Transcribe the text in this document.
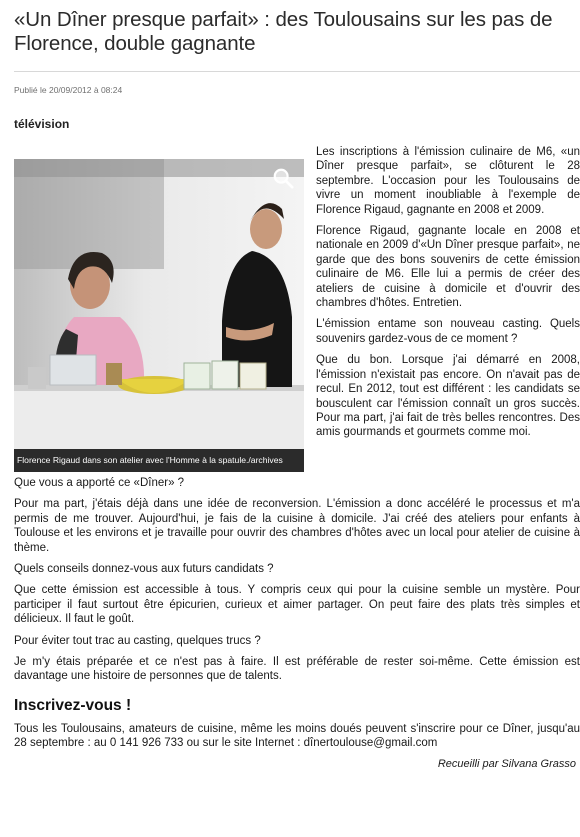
«Un Dîner presque parfait» : des Toulousains sur les pas de Florence, double gagnante
Publié le 20/09/2012 à 08:24
télévision
Florence Rigaud dans son atelier avec l'Homme à la spatule./archives

Les inscriptions à l'émission culinaire de M6, «un Dîner presque parfait», se clôturent le 28 septembre. L'occasion pour les Toulousains de vivre un moment inoubliable à l'exemple de Florence Rigaud, gagnante en 2008 et 2009.

Florence Rigaud, gagnante locale en 2008 et nationale en 2009 d'«Un Dîner presque parfait», ne garde que des bons souvenirs de cette émission culinaire de M6. Elle lui a permis de créer des ateliers de cuisine à domicile et d'ouvrir des chambres d'hôtes. Entretien.

L'émission entame son nouveau casting. Quels souvenirs gardez-vous de ce moment ?

Que du bon. Lorsque j'ai démarré en 2008, l'émission n'existait pas encore. On n'avait pas de recul. En 2012, tout est différent : les candidats se bousculent car l'émission connaît un gros succès. Pour ma part, j'ai fait de très belles rencontres. Des amis gourmands et gourmets comme moi.

Que vous a apporté ce «Dîner» ?

Pour ma part, j'étais déjà dans une idée de reconversion. L'émission a donc accéléré le processus et m'a permis de me trouver. Aujourd'hui, je fais de la cuisine à domicile. J'ai créé des ateliers pour enfants à Toulouse et les environs et je travaille pour ouvrir des chambres d'hôtes avec un local pour atelier de cuisine à thème.

Quels conseils donnez-vous aux futurs candidats ?

Que cette émission est accessible à tous. Y compris ceux qui pour la cuisine semble un mystère. Pour participer il faut surtout être épicurien, curieux et aimer partager. On peut faire des plats très simples et délicieux. Il faut le goût.

Pour éviter tout trac au casting, quelques trucs ?

Je m'y étais préparée et ce n'est pas à faire. Il est préférable de rester soi-même. Cette émission est davantage une histoire de personnes que de talents.

Inscrivez-vous !

Tous les Toulousains, amateurs de cuisine, même les moins doués peuvent s'inscrire pour ce Dîner, jusqu'au 28 septembre : au 0 141 926 733 ou sur le site Internet : dînertoulouse@gmail.com

Recueilli par Silvana Grasso
